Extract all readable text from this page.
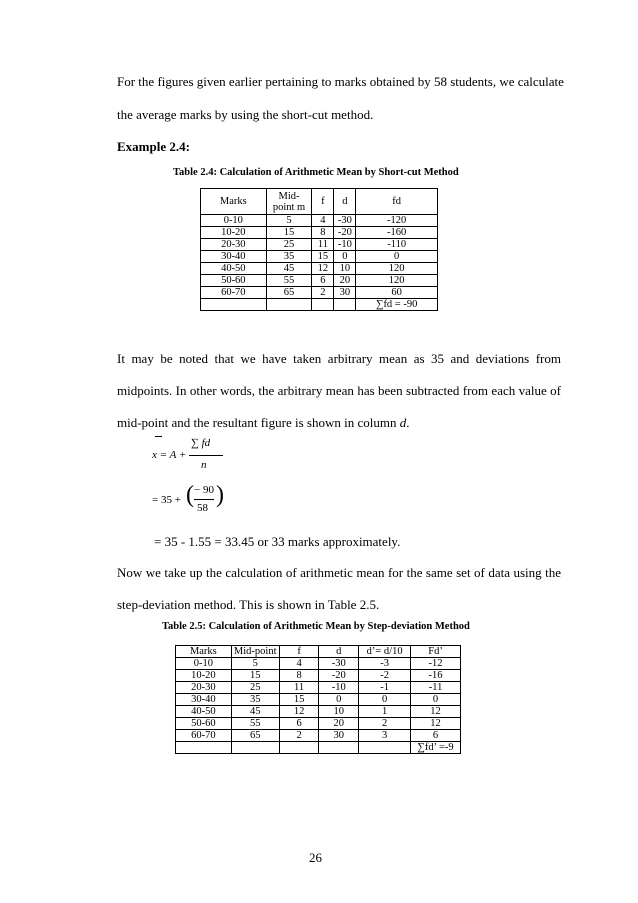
For the figures given earlier pertaining to marks obtained by 58 students, we calculate
the average marks by using the short-cut method.
Example 2.4:
Table 2.4: Calculation of Arithmetic Mean by Short-cut Method
Marks	Mid-point m	f	d	fd
0-10	5	4	-30	-120
10-20	15	8	-20	-160
20-30	25	11	-10	-110
30-40	35	15	0	0
40-50	45	12	10	120
50-60	55	6	20	120
60-70	65	2	30	60
				∑fd = -90
It may be noted that we have taken arbitrary mean as 35 and deviations from
midpoints. In other words, the arbitrary mean has been subtracted from each value of
mid-point and the resultant figure is shown in column d.
x = A +
∑ fd
n
= 35 + ( − 90
58 )
= 35 - 1.55 = 33.45 or 33 marks approximately.
Now we take up the calculation of arithmetic mean for the same set of data using the
step-deviation method. This is shown in Table 2.5.
Table 2.5: Calculation of Arithmetic Mean by Step-deviation Method
Marks	Mid-point	f	d	d’= d/10	Fd’
0-10	5	4	-30	-3	-12
10-20	15	8	-20	-2	-16
20-30	25	11	-10	-1	-11
30-40	35	15	0	0	0
40-50	45	12	10	1	12
50-60	55	6	20	2	12
60-70	65	2	30	3	6
					∑fd’ =-9
26
